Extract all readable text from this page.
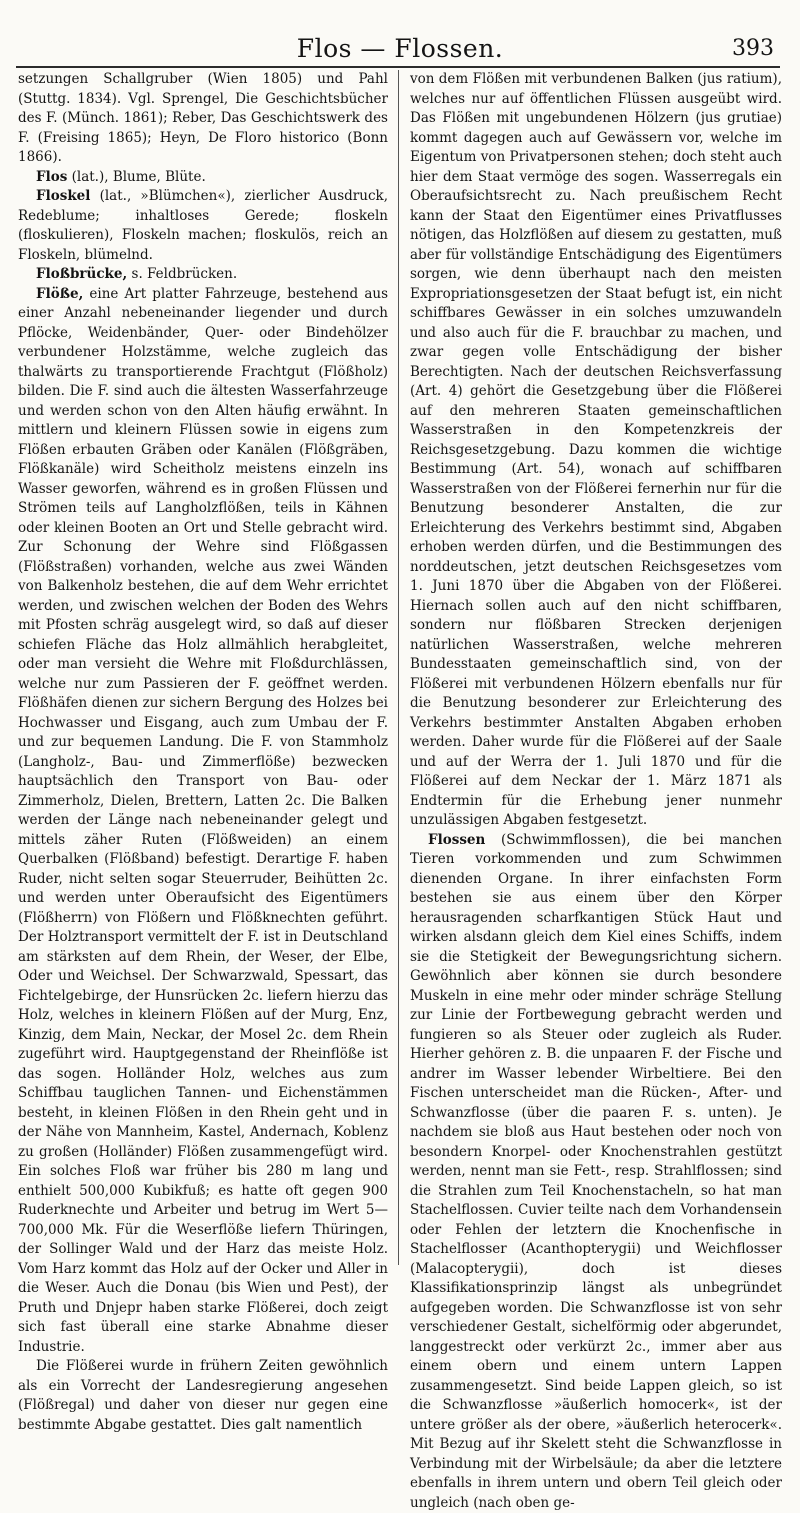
Flos — Flossen.	393

setzungen Schallgruber (Wien 1805) und Pahl (Stuttg. 1834). Vgl. Sprengel, Die Geschichtsbücher des F. (Münch. 1861); Reber, Das Geschichtswerk des F. (Freising 1865); Heyn, De Floro historico (Bonn 1866).

Flos (lat.), Blume, Blüte.

Floskel (lat., »Blümchen«), zierlicher Ausdruck, Redeblume; inhaltloses Gerede; floskeln (floskulieren), Floskeln machen; floskulös, reich an Floskeln, blümelnd.

Floßbrücke, s. Feldbrücken.

Flöße, eine Art platter Fahrzeuge, bestehend aus einer Anzahl nebeneinander liegender und durch Pflöcke, Weidenbänder, Quer- oder Bindehölzer verbundener Holzstämme, welche zugleich das thalwärts zu transportierende Frachtgut (Flößholz) bilden. Die F. sind auch die ältesten Wasserfahrzeuge und werden schon von den Alten häufig erwähnt. In mittlern und kleinern Flüssen sowie in eigens zum Flößen erbauten Gräben oder Kanälen (Flößgräben, Flößkanäle) wird Scheitholz meistens einzeln ins Wasser geworfen, während es in großen Flüssen und Strömen teils auf Langholzflößen, teils in Kähnen oder kleinen Booten an Ort und Stelle gebracht wird. Zur Schonung der Wehre sind Flößgassen (Flößstraßen) vorhanden, welche aus zwei Wänden von Balkenholz bestehen, die auf dem Wehr errichtet werden, und zwischen welchen der Boden des Wehrs mit Pfosten schräg ausgelegt wird, so daß auf dieser schiefen Fläche das Holz allmählich herabgleitet, oder man versieht die Wehre mit Floßdurchlässen, welche nur zum Passieren der F. geöffnet werden. Flößhäfen dienen zur sichern Bergung des Holzes bei Hochwasser und Eisgang, auch zum Umbau der F. und zur bequemen Landung. Die F. von Stammholz (Langholz-, Bau- und Zimmerflöße) bezwecken hauptsächlich den Transport von Bau- oder Zimmerholz, Dielen, Brettern, Latten 2c. Die Balken werden der Länge nach nebeneinander gelegt und mittels zäher Ruten (Flößweiden) an einem Querbalken (Flößband) befestigt. Derartige F. haben Ruder, nicht selten sogar Steuerruder, Beihütten 2c. und werden unter Oberaufsicht des Eigentümers (Flößherrn) von Flößern und Flößknechten geführt. Der Holztransport vermittelt der F. ist in Deutschland am stärksten auf dem Rhein, der Weser, der Elbe, Oder und Weichsel. Der Schwarzwald, Spessart, das Fichtelgebirge, der Hunsrücken 2c. liefern hierzu das Holz, welches in kleinern Flößen auf der Murg, Enz, Kinzig, dem Main, Neckar, der Mosel 2c. dem Rhein zugeführt wird. Hauptgegenstand der Rheinflöße ist das sogen. Holländer Holz, welches aus zum Schiffbau tauglichen Tannen- und Eichenstämmen besteht, in kleinen Flößen in den Rhein geht und in der Nähe von Mannheim, Kastel, Andernach, Koblenz zu großen (Holländer) Flößen zusammengefügt wird. Ein solches Floß war früher bis 280 m lang und enthielt 500,000 Kubikfuß; es hatte oft gegen 900 Ruderknechte und Arbeiter und betrug im Wert 5—700,000 Mk. Für die Weserflöße liefern Thüringen, der Sollinger Wald und der Harz das meiste Holz. Vom Harz kommt das Holz auf der Ocker und Aller in die Weser. Auch die Donau (bis Wien und Pest), der Pruth und Dnjepr haben starke Flößerei, doch zeigt sich fast überall eine starke Abnahme dieser Industrie.

Die Flößerei wurde in frühern Zeiten gewöhnlich als ein Vorrecht der Landesregierung angesehen (Flößregal) und daher von dieser nur gegen eine bestimmte Abgabe gestattet. Dies galt namentlich

von dem Flößen mit verbundenen Balken (jus ratium), welches nur auf öffentlichen Flüssen ausgeübt wird. Das Flößen mit ungebundenen Hölzern (jus grutiae) kommt dagegen auch auf Gewässern vor, welche im Eigentum von Privatpersonen stehen; doch steht auch hier dem Staat vermöge des sogen. Wasserregals ein Oberaufsichtsrecht zu. Nach preußischem Recht kann der Staat den Eigentümer eines Privatflusses nötigen, das Holzflößen auf diesem zu gestatten, muß aber für vollständige Entschädigung des Eigentümers sorgen, wie denn überhaupt nach den meisten Expropriationsgesetzen der Staat befugt ist, ein nicht schiffbares Gewässer in ein solches umzuwandeln und also auch für die F. brauchbar zu machen, und zwar gegen volle Entschädigung der bisher Berechtigten. Nach der deutschen Reichsverfassung (Art. 4) gehört die Gesetzgebung über die Flößerei auf den mehreren Staaten gemeinschaftlichen Wasserstraßen in den Kompetenzkreis der Reichsgesetzgebung. Dazu kommen die wichtige Bestimmung (Art. 54), wonach auf schiffbaren Wasserstraßen von der Flößerei fernerhin nur für die Benutzung besonderer Anstalten, die zur Erleichterung des Verkehrs bestimmt sind, Abgaben erhoben werden dürfen, und die Bestimmungen des norddeutschen, jetzt deutschen Reichsgesetzes vom 1. Juni 1870 über die Abgaben von der Flößerei. Hiernach sollen auch auf den nicht schiffbaren, sondern nur flößbaren Strecken derjenigen natürlichen Wasserstraßen, welche mehreren Bundesstaaten gemeinschaftlich sind, von der Flößerei mit verbundenen Hölzern ebenfalls nur für die Benutzung besonderer zur Erleichterung des Verkehrs bestimmter Anstalten Abgaben erhoben werden. Daher wurde für die Flößerei auf der Saale und auf der Werra der 1. Juli 1870 und für die Flößerei auf dem Neckar der 1. März 1871 als Endtermin für die Erhebung jener nunmehr unzulässigen Abgaben festgesetzt.

Flossen (Schwimmflossen), die bei manchen Tieren vorkommenden und zum Schwimmen dienenden Organe. In ihrer einfachsten Form bestehen sie aus einem über den Körper herausragenden scharfkantigen Stück Haut und wirken alsdann gleich dem Kiel eines Schiffs, indem sie die Stetigkeit der Bewegungsrichtung sichern. Gewöhnlich aber können sie durch besondere Muskeln in eine mehr oder minder schräge Stellung zur Linie der Fortbewegung gebracht werden und fungieren so als Steuer oder zugleich als Ruder. Hierher gehören z. B. die unpaaren F. der Fische und andrer im Wasser lebender Wirbeltiere. Bei den Fischen unterscheidet man die Rücken-, After- und Schwanzflosse (über die paaren F. s. unten). Je nachdem sie bloß aus Haut bestehen oder noch von besondern Knorpel- oder Knochenstrahlen gestützt werden, nennt man sie Fett-, resp. Strahlflossen; sind die Strahlen zum Teil Knochenstacheln, so hat man Stachelflossen. Cuvier teilte nach dem Vorhandensein oder Fehlen der letztern die Knochenfische in Stachelflosser (Acanthopterygii) und Weichflosser (Malacopterygii), doch ist dieses Klassifikationsprinzip längst als unbegründet aufgegeben worden. Die Schwanzflosse ist von sehr verschiedener Gestalt, sichelförmig oder abgerundet, langgestreckt oder verkürzt 2c., immer aber aus einem obern und einem untern Lappen zusammengesetzt. Sind beide Lappen gleich, so ist die Schwanzflosse »äußerlich homocerk«, ist der untere größer als der obere, »äußerlich heterocerk«. Mit Bezug auf ihr Skelett steht die Schwanzflosse in Verbindung mit der Wirbelsäule; da aber die letztere ebenfalls in ihrem untern und obern Teil gleich oder ungleich (nach oben ge-
